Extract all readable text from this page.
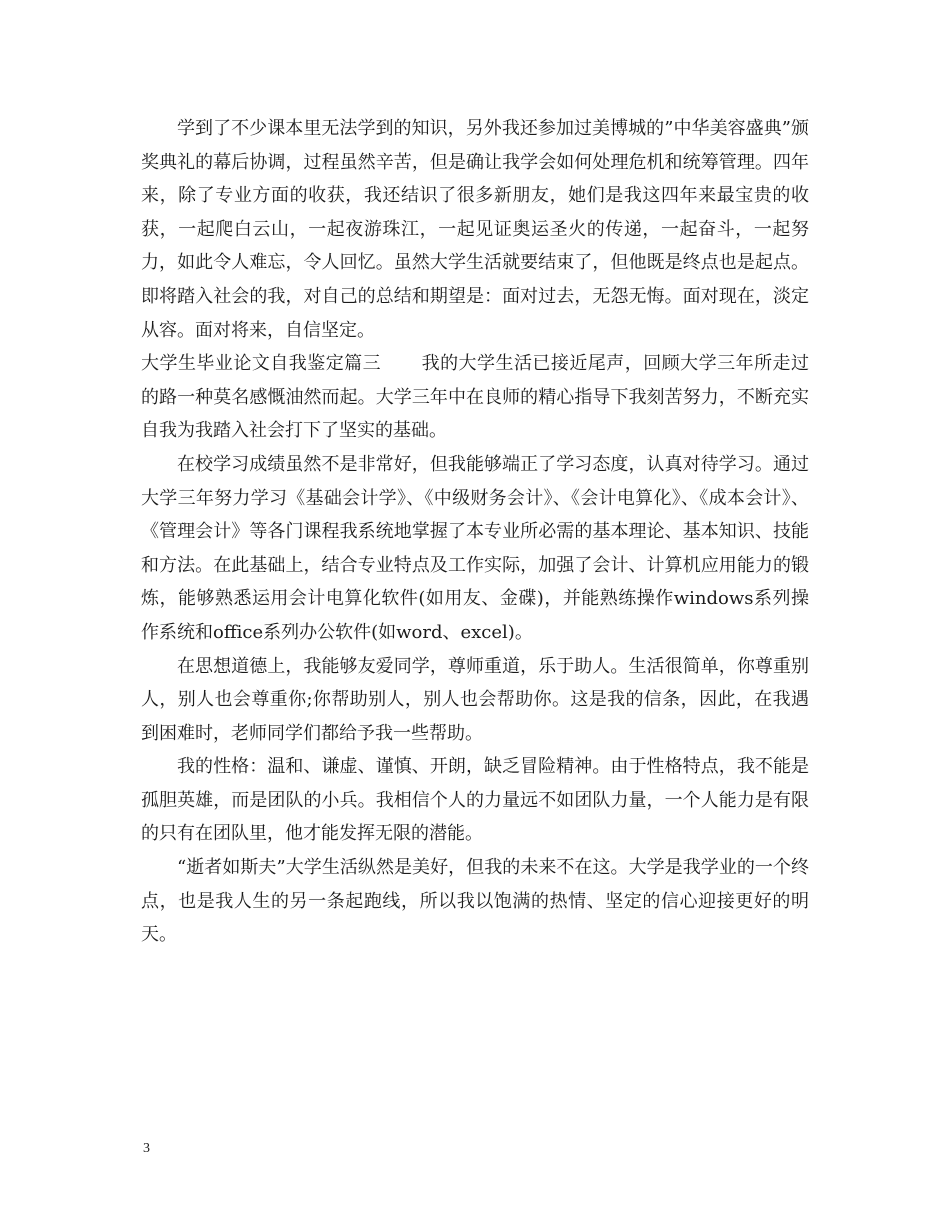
学到了不少课本里无法学到的知识，另外我还参加过美博城的”中华美容盛典”颁奖典礼的幕后协调，过程虽然辛苦，但是确让我学会如何处理危机和统筹管理。四年来，除了专业方面的收获，我还结识了很多新朋友，她们是我这四年来最宝贵的收获，一起爬白云山，一起夜游珠江，一起见证奥运圣火的传递，一起奋斗，一起努力，如此令人难忘，令人回忆。虽然大学生活就要结束了，但他既是终点也是起点。即将踏入社会的我，对自己的总结和期望是：面对过去，无怨无悔。面对现在，淡定从容。面对将来，自信坚定。

大学生毕业论文自我鉴定篇三 我的大学生活已接近尾声，回顾大学三年所走过的路一种莫名感慨油然而起。大学三年中在良师的精心指导下我刻苦努力，不断充实自我为我踏入社会打下了坚实的基础。

在校学习成绩虽然不是非常好，但我能够端正了学习态度，认真对待学习。通过大学三年努力学习《基础会计学》、《中级财务会计》、《会计电算化》、《成本会计》、《管理会计》等各门课程我系统地掌握了本专业所必需的基本理论、基本知识、技能和方法。在此基础上，结合专业特点及工作实际，加强了会计、计算机应用能力的锻炼，能够熟悉运用会计电算化软件(如用友、金碟)，并能熟练操作windows系列操作系统和office系列办公软件(如word、excel)。

在思想道德上，我能够友爱同学，尊师重道，乐于助人。生活很简单，你尊重别人，别人也会尊重你;你帮助别人，别人也会帮助你。这是我的信条，因此，在我遇到困难时，老师同学们都给予我一些帮助。

我的性格：温和、谦虚、谨慎、开朗，缺乏冒险精神。由于性格特点，我不能是孤胆英雄，而是团队的小兵。我相信个人的力量远不如团队力量，一个人能力是有限的只有在团队里，他才能发挥无限的潜能。

“逝者如斯夫”大学生活纵然是美好，但我的未来不在这。大学是我学业的一个终点，也是我人生的另一条起跑线，所以我以饱满的热情、坚定的信心迎接更好的明天。

3
